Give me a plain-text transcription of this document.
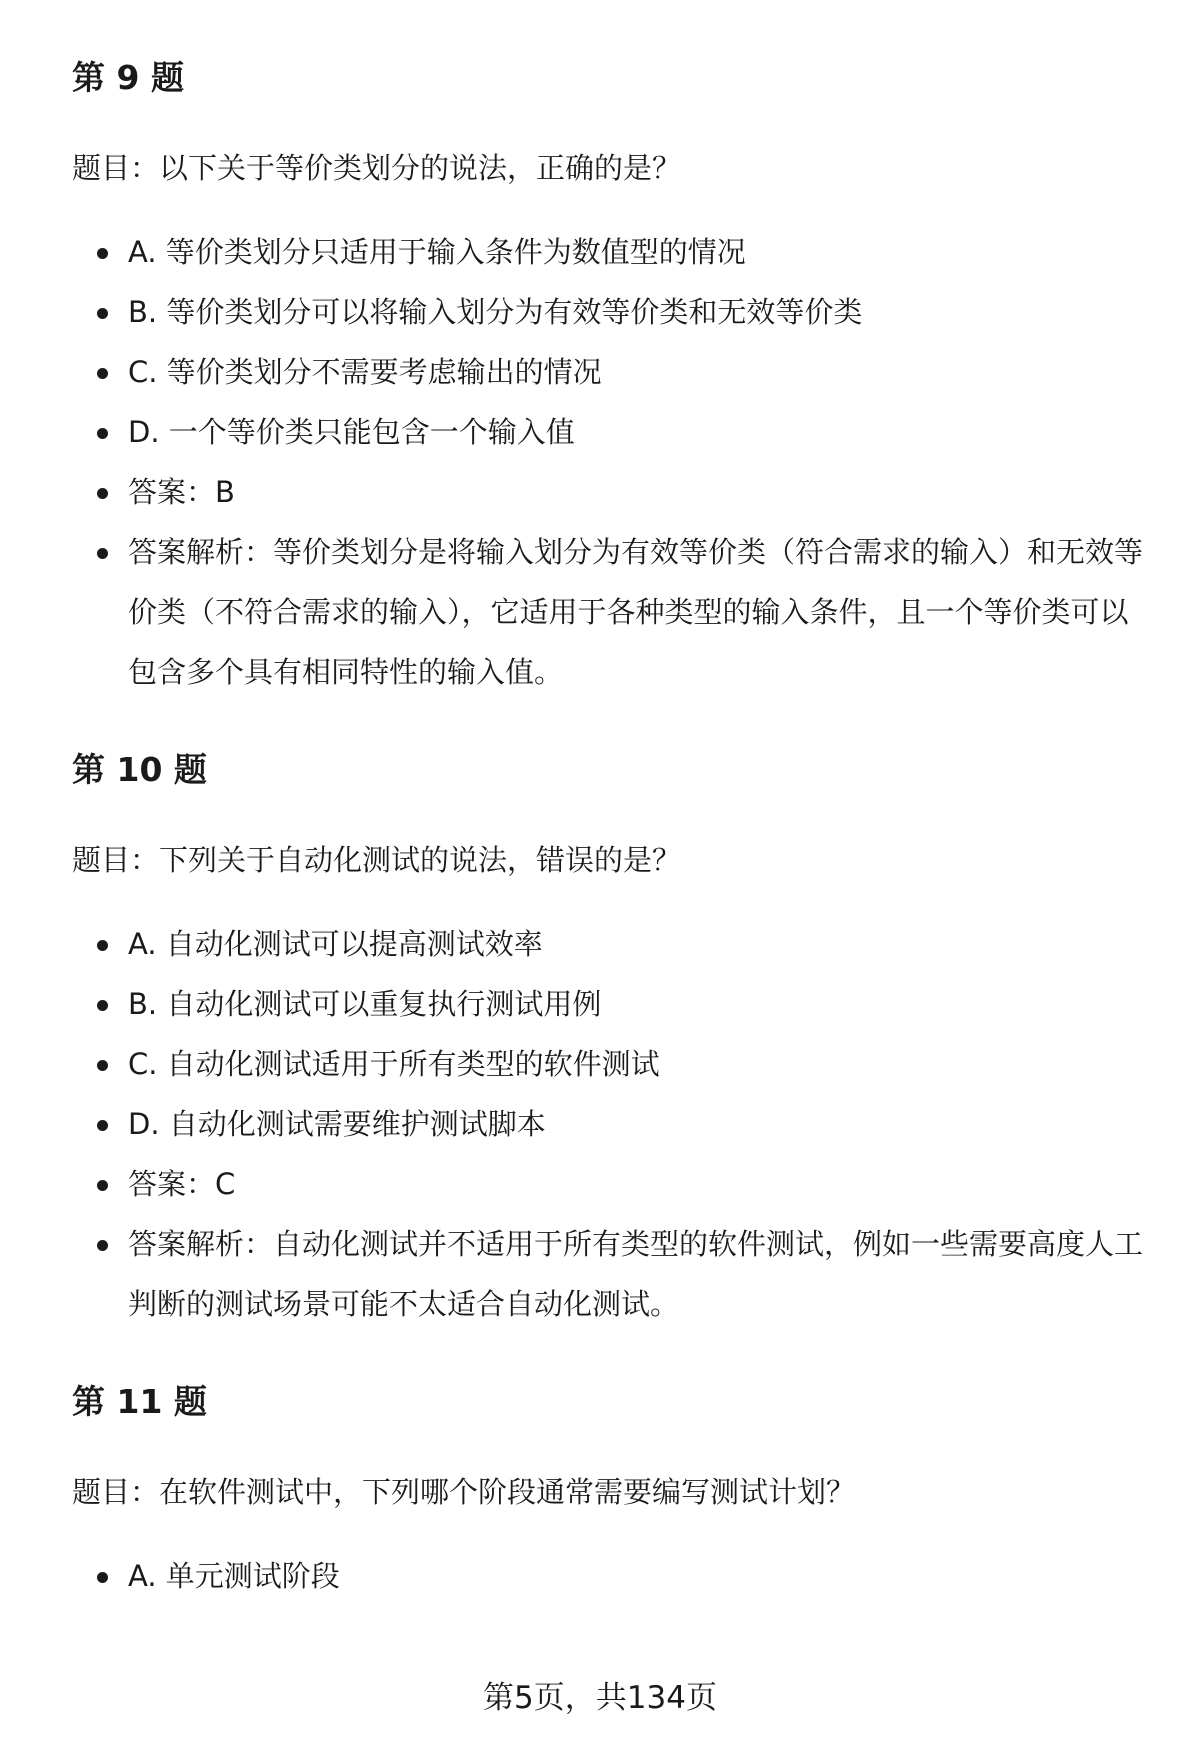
第 9 题

题目：以下关于等价类划分的说法，正确的是？

A. 等价类划分只适用于输入条件为数值型的情况
B. 等价类划分可以将输入划分为有效等价类和无效等价类
C. 等价类划分不需要考虑输出的情况
D. 一个等价类只能包含一个输入值
答案：B
答案解析：等价类划分是将输入划分为有效等价类（符合需求的输入）和无效等价类（不符合需求的输入），它适用于各种类型的输入条件，且一个等价类可以包含多个具有相同特性的输入值。
第 10 题

题目：下列关于自动化测试的说法，错误的是？

A. 自动化测试可以提高测试效率
B. 自动化测试可以重复执行测试用例
C. 自动化测试适用于所有类型的软件测试
D. 自动化测试需要维护测试脚本
答案：C
答案解析：自动化测试并不适用于所有类型的软件测试，例如一些需要高度人工判断的测试场景可能不太适合自动化测试。
第 11 题

题目：在软件测试中，下列哪个阶段通常需要编写测试计划？

A. 单元测试阶段
第5页，共134页
